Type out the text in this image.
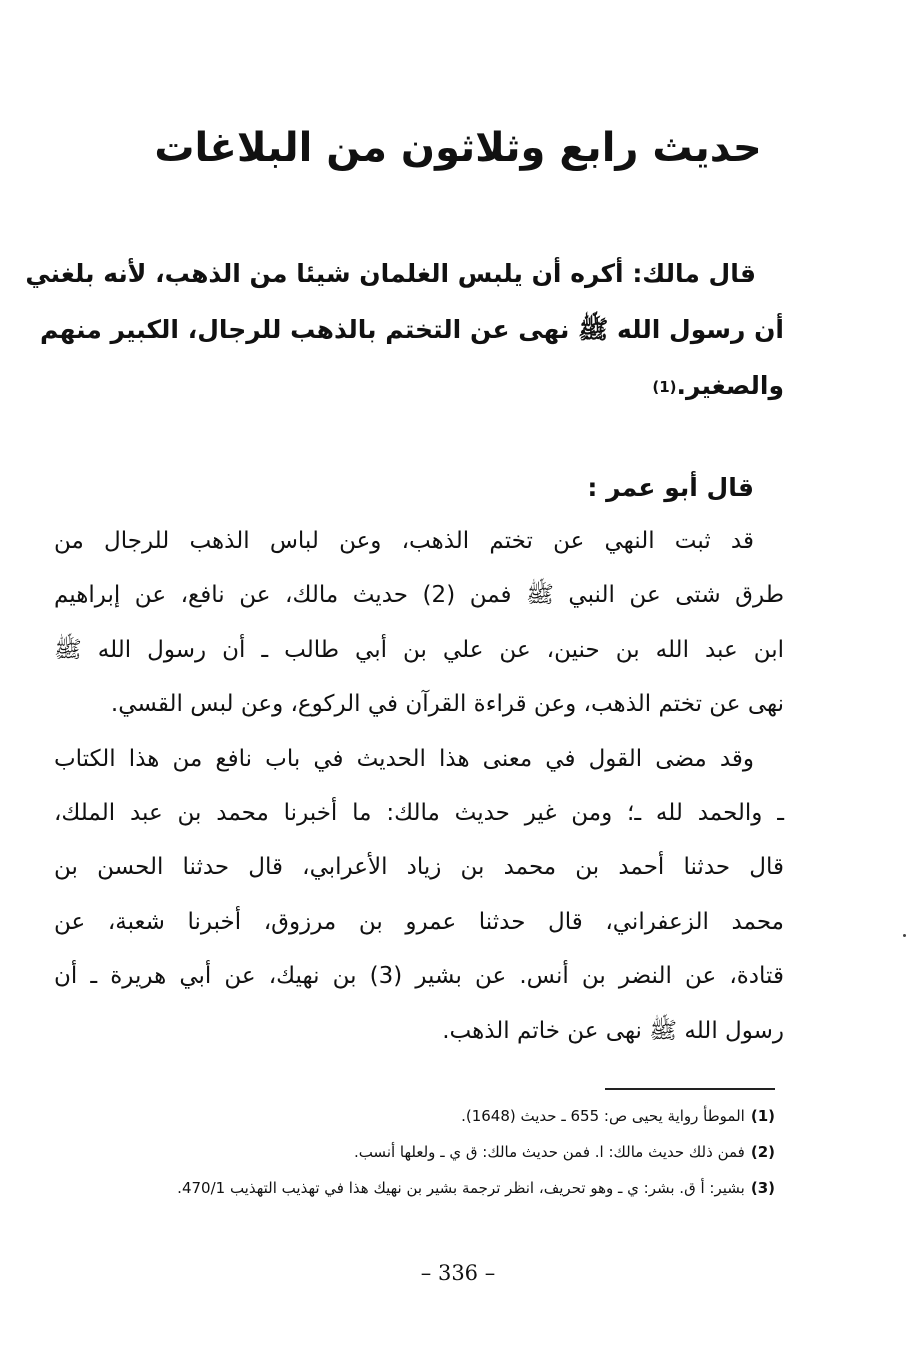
حديث رابع وثلاثون من البلاغات

قال مالك: أكره أن يلبس الغلمان شيئا من الذهب، لأنه بلغني
أن رسول الله ﷺ نهى عن التختم بالذهب للرجال، الكبير منهم
والصغير.(1)

قال أبو عمر :
قد ثبت النهي عن تختم الذهب، وعن لباس الذهب للرجال من
طرق شتى عن النبي ﷺ فمن (2) حديث مالك، عن نافع، عن إبراهيم
ابن عبد الله بن حنين، عن علي بن أبي طالب ـ أن رسول الله ﷺ
نهى عن تختم الذهب، وعن قراءة القرآن في الركوع، وعن لبس القسي.
وقد مضى القول في معنى هذا الحديث في باب نافع من هذا الكتاب
ـ والحمد لله ـ؛ ومن غير حديث مالك: ما أخبرنا محمد بن عبد الملك،
قال حدثنا أحمد بن محمد بن زياد الأعرابي، قال حدثنا الحسن بن
محمد الزعفراني، قال حدثنا عمرو بن مرزوق، أخبرنا شعبة، عن
قتادة، عن النضر بن أنس. عن بشير (3) بن نهيك، عن أبي هريرة ـ أن
رسول الله ﷺ نهى عن خاتم الذهب.
(1)الموطأ رواية يحيى ص: 655 ـ حديث (1648).
(2)فمن ذلك حديث مالك: ا. فمن حديث مالك: ق ي ـ ولعلها أنسب.
(3)بشير: أ ق. بشر: ي ـ وهو تحريف، انظر ترجمة بشير بن نهيك هذا في تهذيب التهذيب 470/1.
– 336 –
